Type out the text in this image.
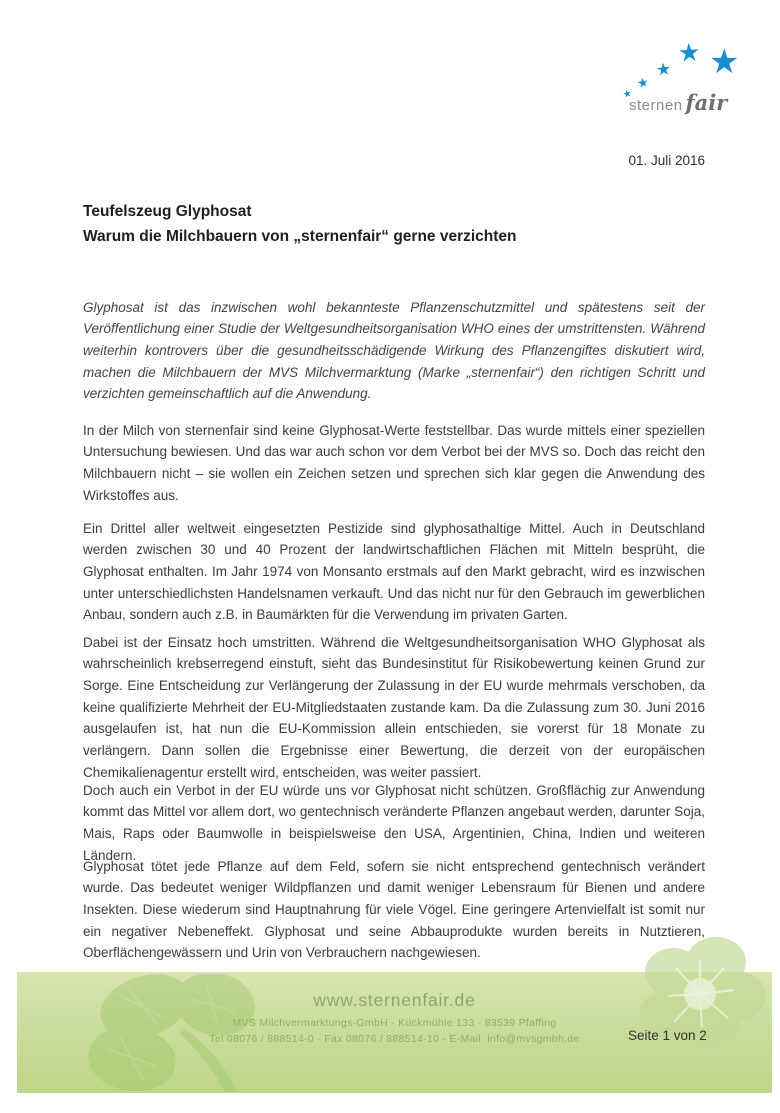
★
★
★
★ ★
sternen fair
01. Juli 2016
Teufelszeug Glyphosat
Warum die Milchbauern von „sternenfair“ gerne verzichten

Glyphosat ist das inzwischen wohl bekannteste Pflanzenschutzmittel und spätestens seit der Veröffentlichung einer Studie der Weltgesundheitsorganisation WHO eines der umstrittensten. Während weiterhin kontrovers über die gesundheitsschädigende Wirkung des Pflanzengiftes diskutiert wird, machen die Milchbauern der MVS Milchvermarktung (Marke „sternenfair“) den richtigen Schritt und verzichten gemeinschaftlich auf die Anwendung.

In der Milch von sternenfair sind keine Glyphosat-Werte feststellbar. Das wurde mittels einer speziellen Untersuchung bewiesen. Und das war auch schon vor dem Verbot bei der MVS so. Doch das reicht den Milchbauern nicht – sie wollen ein Zeichen setzen und sprechen sich klar gegen die Anwendung des Wirkstoffes aus.

Ein Drittel aller weltweit eingesetzten Pestizide sind glyphosathaltige Mittel. Auch in Deutschland werden zwischen 30 und 40 Prozent der landwirtschaftlichen Flächen mit Mitteln besprüht, die Glyphosat enthalten. Im Jahr 1974 von Monsanto erstmals auf den Markt gebracht, wird es inzwischen unter unterschiedlichsten Handelsnamen verkauft. Und das nicht nur für den Gebrauch im gewerblichen Anbau, sondern auch z.B. in Baumärkten für die Verwendung im privaten Garten.

Dabei ist der Einsatz hoch umstritten. Während die Weltgesundheitsorganisation WHO Glyphosat als wahrscheinlich krebserregend einstuft, sieht das Bundesinstitut für Risikobewertung keinen Grund zur Sorge. Eine Entscheidung zur Verlängerung der Zulassung in der EU wurde mehrmals verschoben, da keine qualifizierte Mehrheit der EU-Mitgliedstaaten zustande kam. Da die Zulassung zum 30. Juni 2016 ausgelaufen ist, hat nun die EU-Kommission allein entschieden, sie vorerst für 18 Monate zu verlängern. Dann sollen die Ergebnisse einer Bewertung, die derzeit von der europäischen Chemikalienagentur erstellt wird, entscheiden, was weiter passiert.

Doch auch ein Verbot in der EU würde uns vor Glyphosat nicht schützen. Großflächig zur Anwendung kommt das Mittel vor allem dort, wo gentechnisch veränderte Pflanzen angebaut werden, darunter Soja, Mais, Raps oder Baumwolle in beispielsweise den USA, Argentinien, China, Indien und weiteren Ländern.

Glyphosat tötet jede Pflanze auf dem Feld, sofern sie nicht entsprechend gentechnisch verändert wurde. Das bedeutet weniger Wildpflanzen und damit weniger Lebensraum für Bienen und andere Insekten. Diese wiederum sind Hauptnahrung für viele Vögel. Eine geringere Artenvielfalt ist somit nur ein negativer Nebeneffekt. Glyphosat und seine Abbauprodukte wurden bereits in Nutztieren, Oberflächengewässern und Urin von Verbrauchern nachgewiesen.

www.sternenfair.de
MVS Milchvermarktungs-GmbH - Kückmühle 133 - 83539 Pfaffing
Tel 08076 / 888514-0 - Fax 08076 / 888514-10 - E-Mail: info@mvsgmbh.de	Seite 1 von 2
